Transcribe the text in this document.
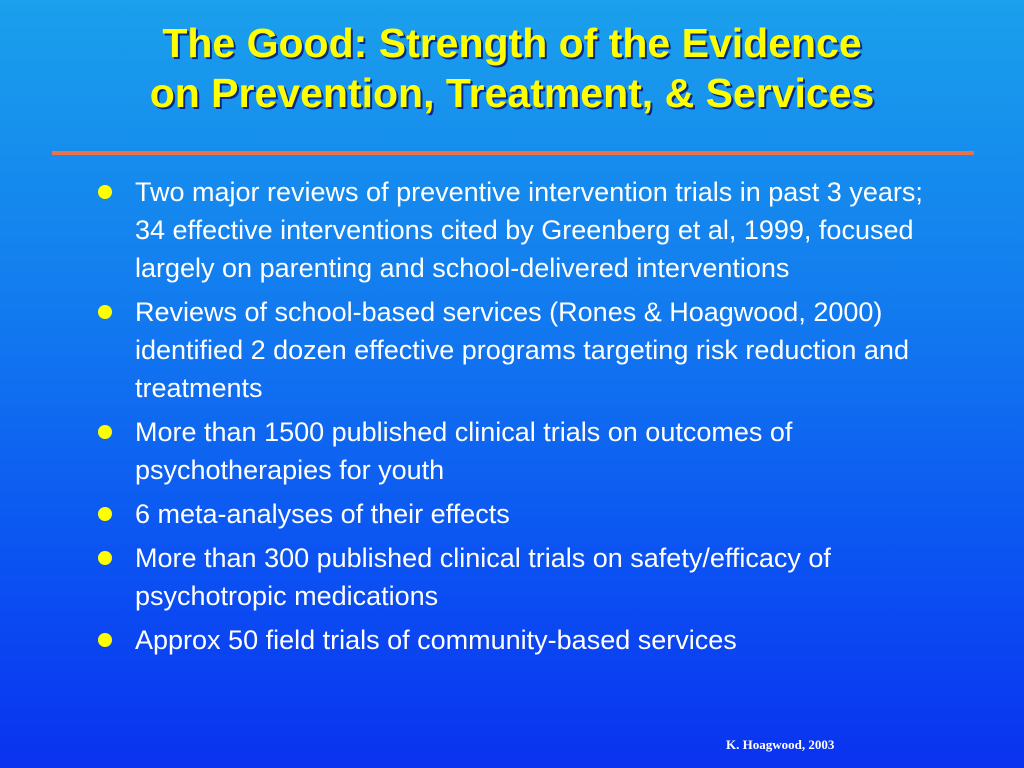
The Good: Strength of the Evidence
on Prevention, Treatment, & Services
Two major reviews of preventive intervention trials in past 3 years; 34 effective interventions cited by Greenberg et al, 1999, focused largely on parenting and school-delivered interventions
Reviews of school-based services (Rones & Hoagwood, 2000) identified 2 dozen effective programs targeting risk reduction and treatments
More than 1500 published clinical trials on outcomes of psychotherapies for youth
6 meta-analyses of their effects
More than 300 published clinical trials on safety/efficacy of psychotropic medications
Approx 50 field trials of community-based services
K. Hoagwood, 2003
